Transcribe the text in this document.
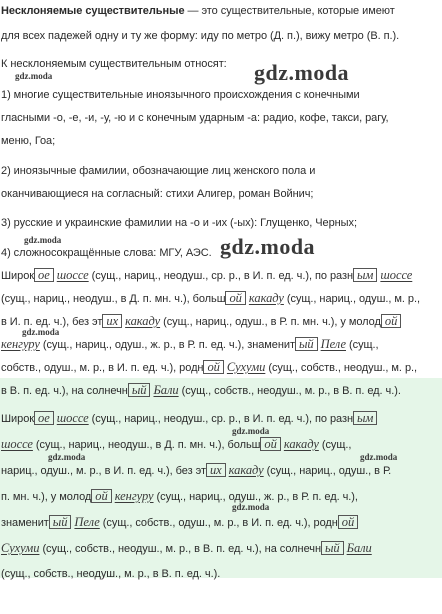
Несклоняемые существительные — это существительные, которые имеют
для всех падежей одну и ту же форму: иду по метро (Д. п.), вижу метро (В. п.).
К несклоняемым существительным относят:
1) многие существительные иноязычного происхождения с конечными
гласными -о, -е, -и, -у, -ю и с конечным ударным -а: радио, кофе, такси, рагу,
меню, Гоа;
2) иноязычные фамилии, обозначающие лиц женского пола и
оканчивающиеся на согласный: стихи Алигер, роман Войнич;
3) русские и украинские фамилии на -о и -их (-ых): Глущенко, Черных;
4) сложносокращённые слова: МГУ, АЭС.
Широк ое шоссе (сущ., нариц., неодуш., ср. р., в И. п. ед. ч.), по разн ым шоссе
(сущ., нариц., неодуш., в Д. п. мн. ч.), больш ой какаду (сущ., нариц., одуш., м. р.,
в И. п. ед. ч.), без эт их какаду (сущ., нариц., одуш., в Р. п. мн. ч.), у молод ой
кенгуру (сущ., нариц., одуш., ж. р., в Р. п. ед. ч.), знаменит ый Пеле (сущ.,
собств., одуш., м. р., в И. п. ед. ч.), родн ой Сухуми (сущ., собств., неодуш., м. р.,
в В. п. ед. ч.), на солнечн ый Бали (сущ., собств., неодуш., м. р., в В. п. ед. ч.).
Широк ое шоссе (сущ., нариц., неодуш., ср. р., в И. п. ед. ч.), по разн ым
шоссе (сущ., нариц., неодуш., в Д. п. мн. ч.), больш ой какаду (сущ.,
нариц., одуш., м. р., в И. п. ед. ч.), без эт их какаду (сущ., нариц., одуш., в Р.
п. мн. ч.), у молод ой кенгуру (сущ., нариц., одуш., ж. р., в Р. п. ед. ч.),
знаменит ый Пеле (сущ., собств., одуш., м. р., в И. п. ед. ч.), родн ой
Сухуми (сущ., собств., неодуш., м. р., в В. п. ед. ч.), на солнечн ый Бали
(сущ., собств., неодуш., м. р., в В. п. ед. ч.).
gdz.moda	gdz.moda
gdz.moda	gdz.moda
gdz.moda
gdz.moda
gdz.moda	gdz.moda
gdz.moda
